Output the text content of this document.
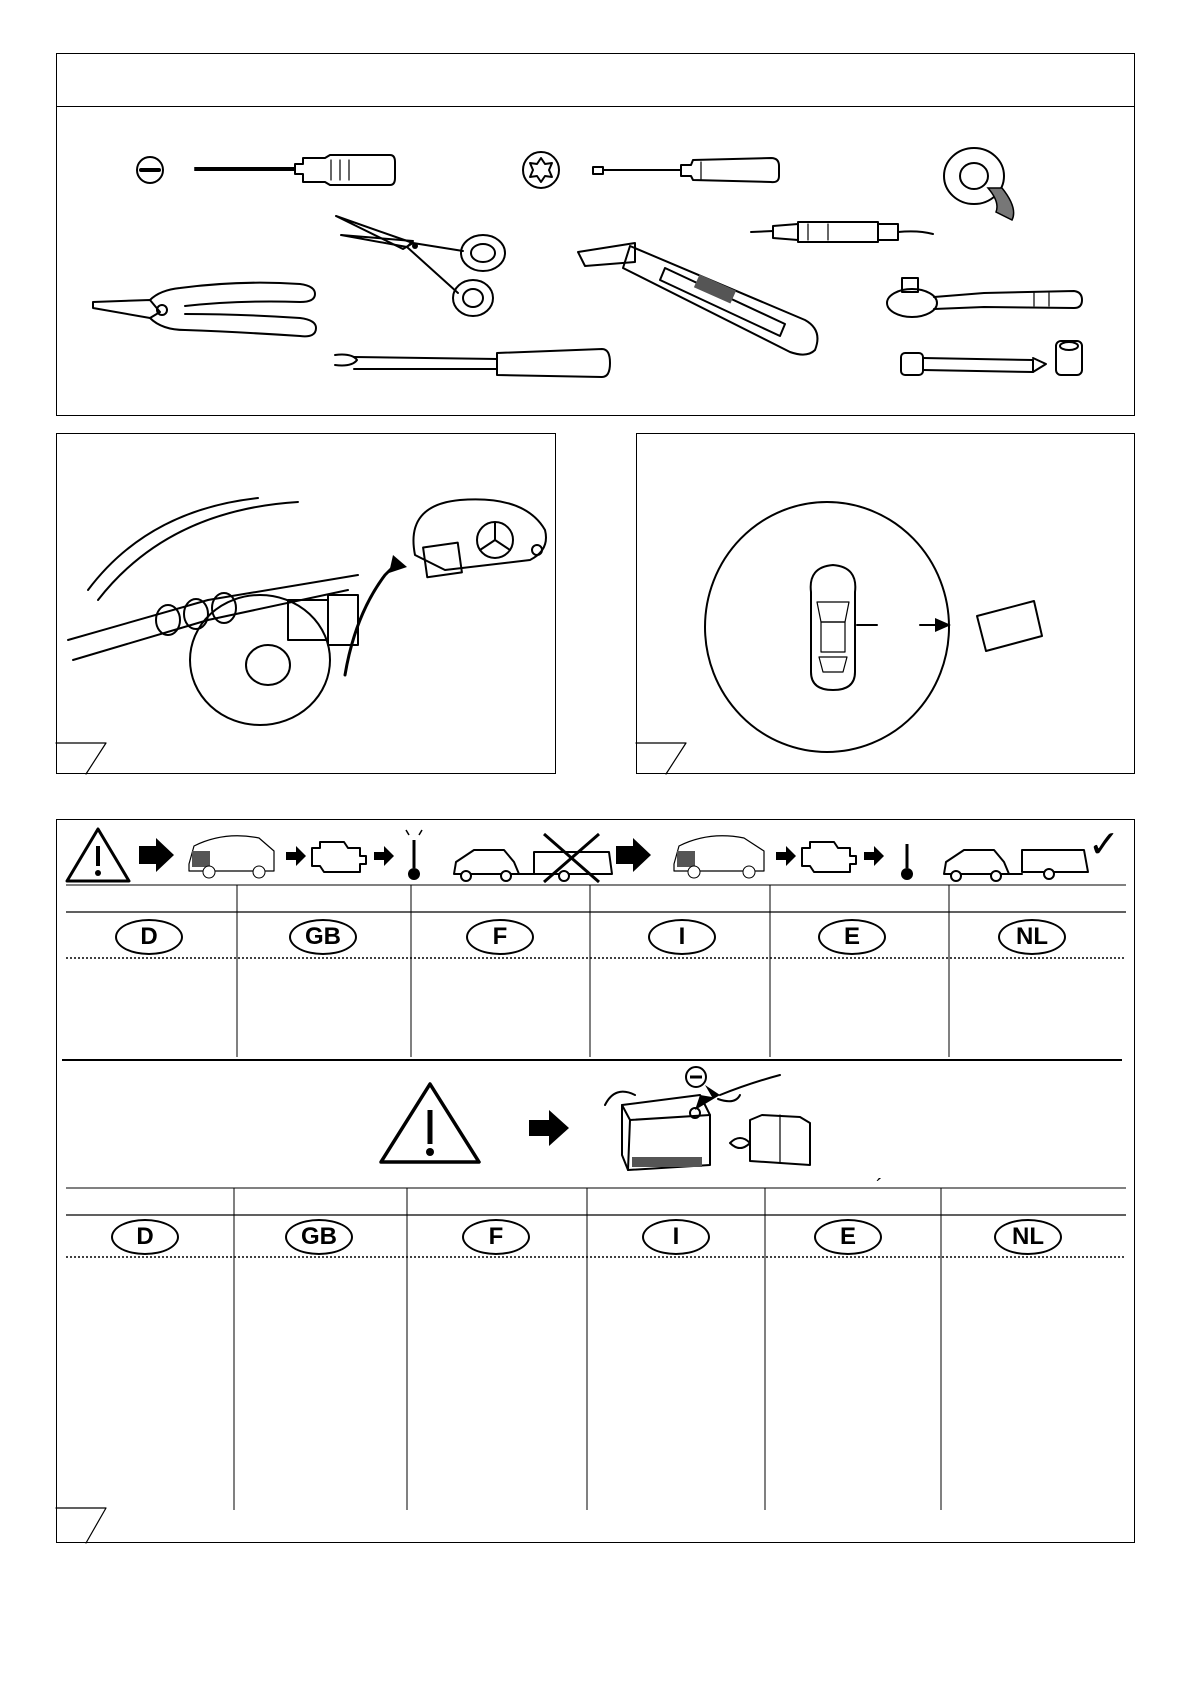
✓
D	GB	F	I	E	NL
´
D	GB	F	I	E	NL
